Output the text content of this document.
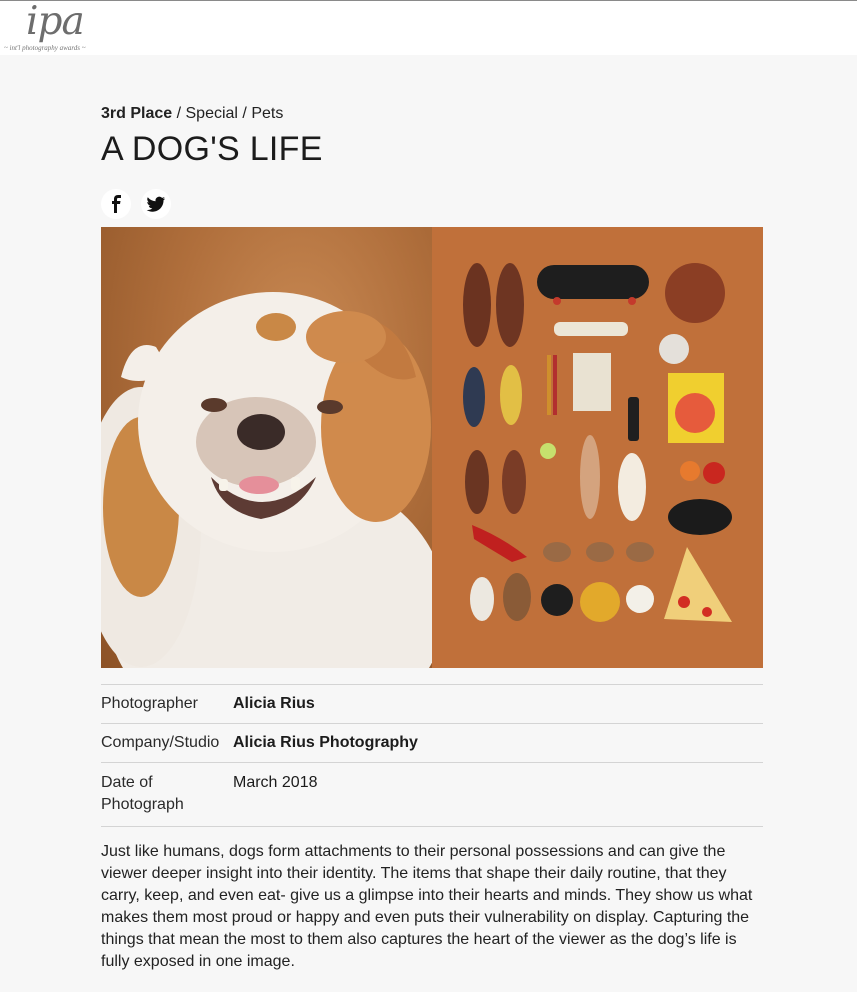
ipa
~ int'l photography awards ~
3rd Place / Special / Pets
A DOG'S LIFE
Photographer	Alicia Rius
Company/Studio Alicia Rius Photography
Date of Photograph
March 2018

Just like humans, dogs form attachments to their personal possessions and can give the viewer deeper insight into their identity. The items that shape their daily routine, that they carry, keep, and even eat- give us a glimpse into their hearts and minds. They show us what makes them most proud or happy and even puts their vulnerability on display. Capturing the things that mean the most to them also captures the heart of the viewer as the dog’s life is fully exposed in one image.
